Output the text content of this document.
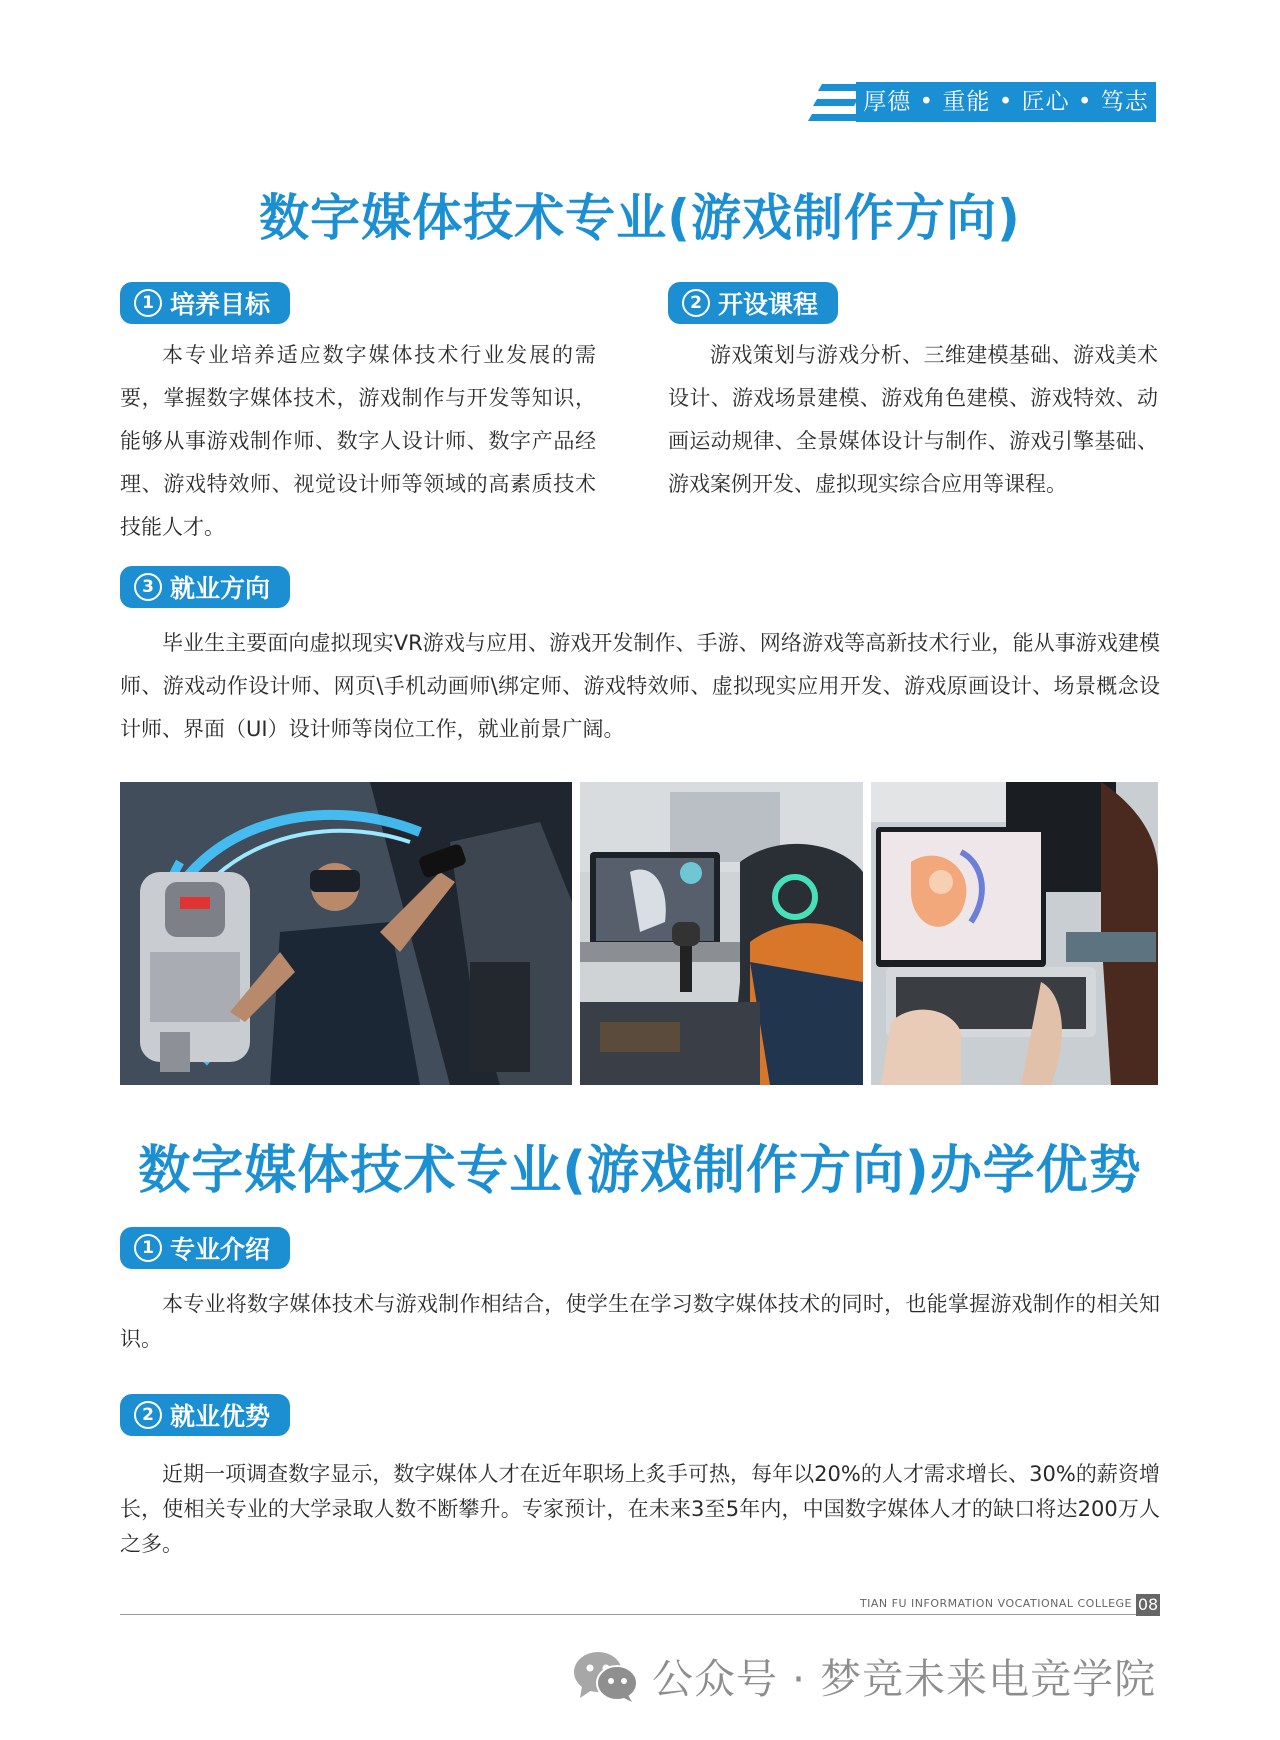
厚德 • 重能 • 匠心 • 笃志
数字媒体技术专业(游戏制作方向)
1 培养目标

本专业培养适应数字媒体技术行业发展的需要，掌握数字媒体技术，游戏制作与开发等知识，能够从事游戏制作师、数字人设计师、数字产品经理、游戏特效师、视觉设计师等领域的高素质技术技能人才。

2 开设课程

游戏策划与游戏分析、三维建模基础、游戏美术设计、游戏场景建模、游戏角色建模、游戏特效、动画运动规律、全景媒体设计与制作、游戏引擎基础、游戏案例开发、虚拟现实综合应用等课程。

3 就业方向

毕业生主要面向虚拟现实VR游戏与应用、游戏开发制作、手游、网络游戏等高新技术行业，能从事游戏建模师、游戏动作设计师、网页\手机动画师\绑定师、游戏特效师、虚拟现实应用开发、游戏原画设计、场景概念设计师、界面（UI）设计师等岗位工作，就业前景广阔。

数字媒体技术专业(游戏制作方向)办学优势
1 专业介绍

本专业将数字媒体技术与游戏制作相结合，使学生在学习数字媒体技术的同时，也能掌握游戏制作的相关知识。

2 就业优势

近期一项调查数字显示，数字媒体人才在近年职场上炙手可热，每年以20%的人才需求增长、30%的薪资增长，使相关专业的大学录取人数不断攀升。专家预计，在未来3至5年内，中国数字媒体人才的缺口将达200万人之多。

TIAN FU INFORMATION VOCATIONAL COLLEGE 08
公众号 · 梦竞未来电竞学院
